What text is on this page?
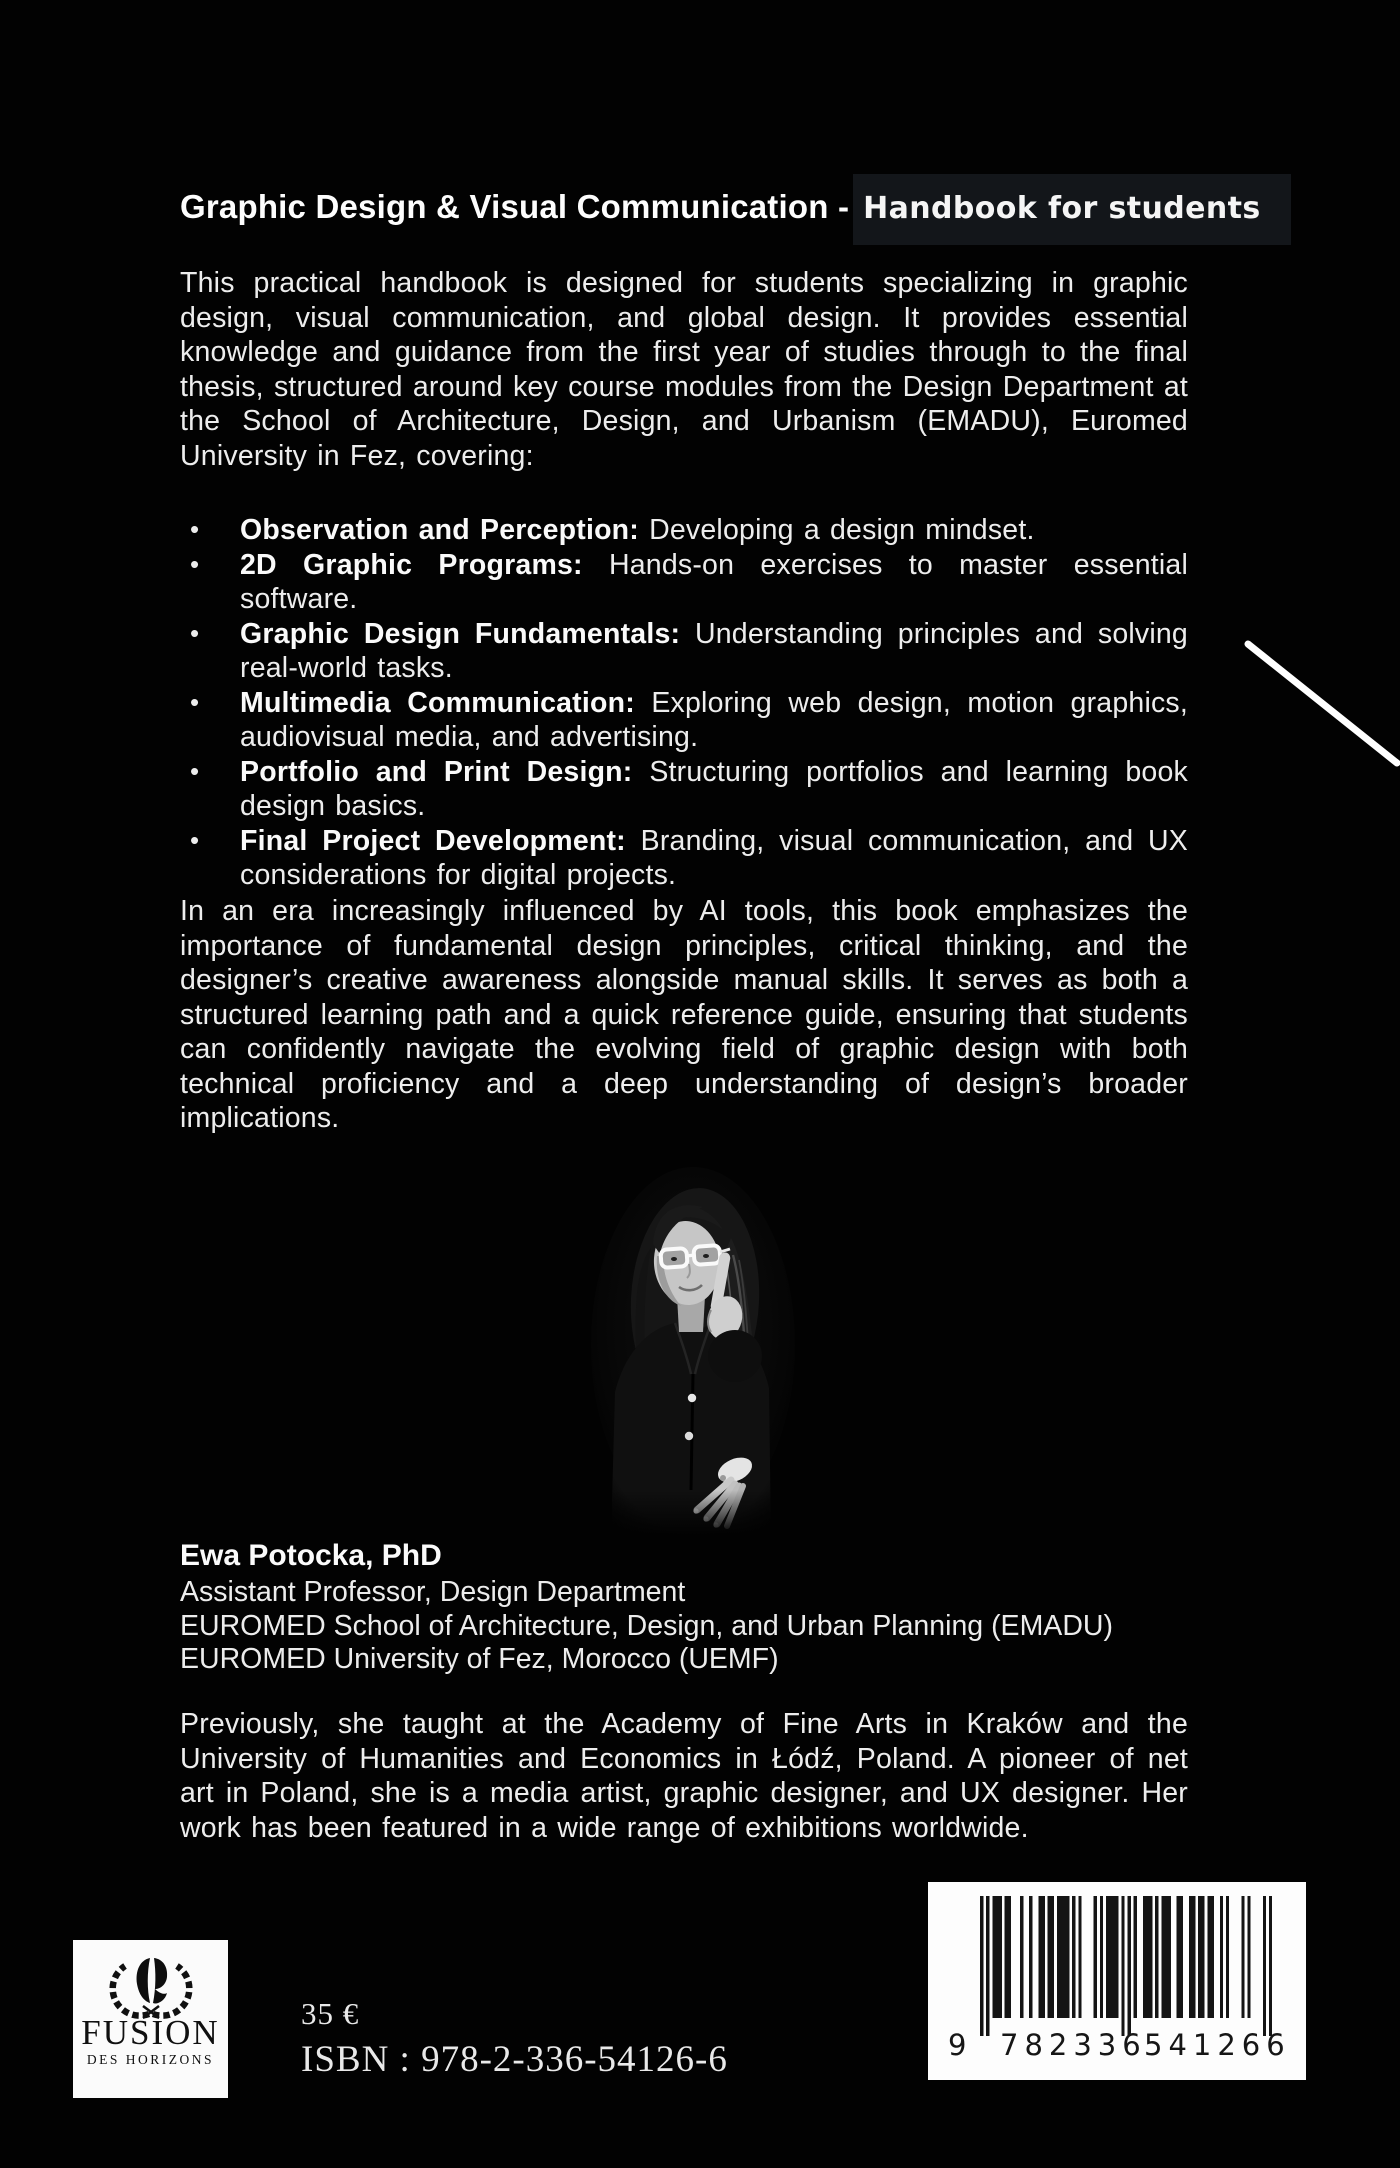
Graphic Design & Visual Communication - Handbook for students
This practical handbook is designed for students specializing in graphic design, visual communication, and global design. It provides essential knowledge and guidance from the first year of studies through to the final thesis, structured around key course modules from the Design Department at the School of Architecture, Design, and Urbanism (EMADU), Euromed University in Fez, covering:
• Observation and Perception: Developing a design mindset.
• 2D Graphic Programs: Hands-on exercises to master essential software.
• Graphic Design Fundamentals: Understanding principles and solving real-world tasks.
• Multimedia Communication: Exploring web design, motion graphics, audiovisual media, and advertising.
• Portfolio and Print Design: Structuring portfolios and learning book design basics.
• Final Project Development: Branding, visual communication, and UX considerations for digital projects.
In an era increasingly influenced by AI tools, this book emphasizes the importance of fundamental design principles, critical thinking, and the designer’s creative awareness alongside manual skills. It serves as both a structured learning path and a quick reference guide, ensuring that students can confidently navigate the evolving field of graphic design with both technical proficiency and a deep understanding of design’s broader implications.
Ewa Potocka, PhD
Assistant Professor, Design Department
EUROMED School of Architecture, Design, and Urban Planning (EMADU)
EUROMED University of Fez, Morocco (UEMF)
Previously, she taught at the Academy of Fine Arts in Kraków and the University of Humanities and Economics in Łódź, Poland. A pioneer of net art in Poland, she is a media artist, graphic designer, and UX designer. Her work has been featured in a wide range of exhibitions worldwide.
FUSION
DES HORIZONS
35 €
ISBN : 978-2-336-54126-6	9 782336
541266
